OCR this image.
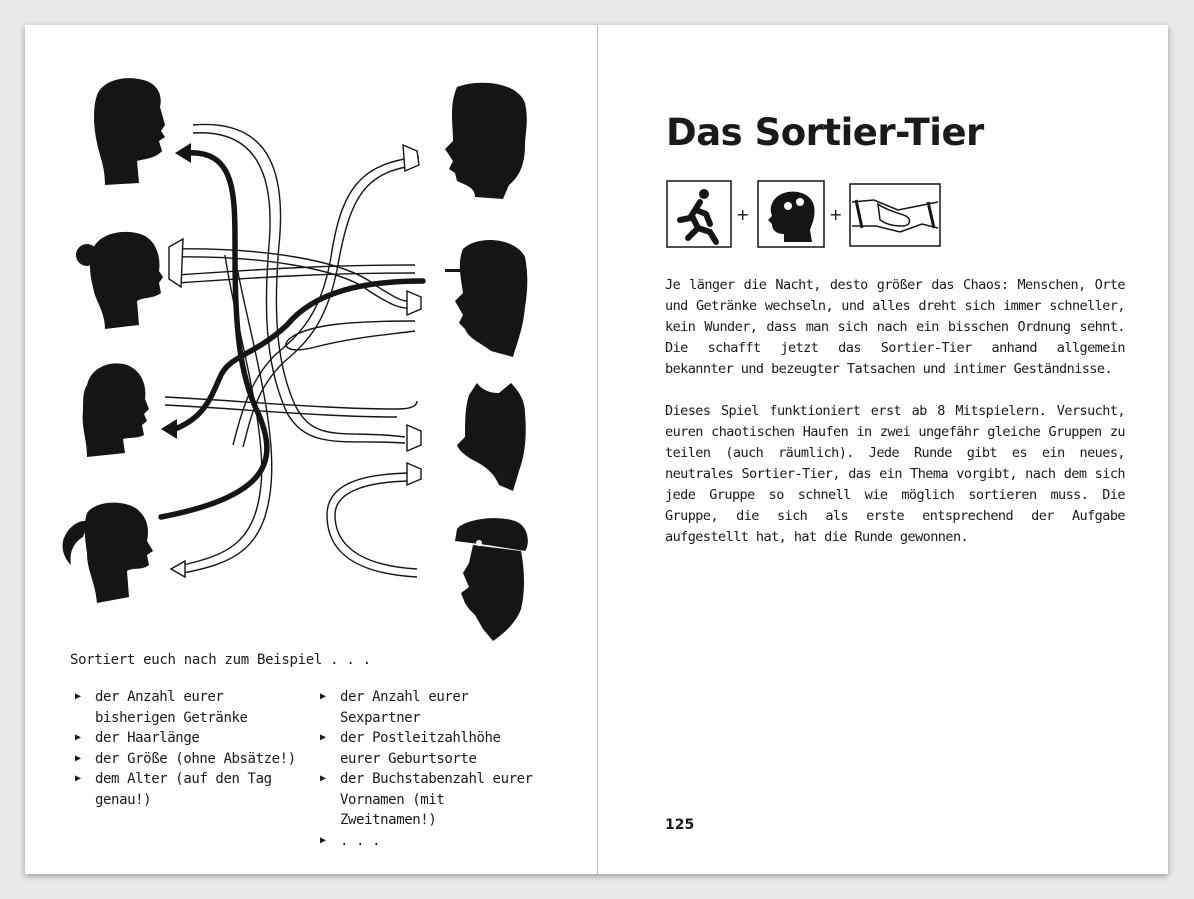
Sortiert euch nach zum Beispiel . . .

▶ der Anzahl eurer bisherigen Getränke
▶ der Haarlänge
▶ der Größe (ohne Absätze!)
▶ dem Alter (auf den Tag genau!)
▶ der Anzahl eurer Sexpartner
▶ der Postleitzahlhöhe eurer Geburtsorte
▶ der Buchstabenzahl eurer Vornamen (mit Zweitnamen!)
▶ . . .
Das Sortier-Tier
+	+

Je länger die Nacht, desto größer das Chaos: Menschen, Orte und Getränke wechseln, und alles dreht sich immer schneller, kein Wunder, dass man sich nach ein bisschen Ordnung sehnt. Die schafft jetzt das Sortier-Tier anhand allgemein bekannter und bezeugter Tatsachen und intimer Geständnisse.

Dieses Spiel funktioniert erst ab 8 Mitspielern. Versucht, euren chaotischen Haufen in zwei ungefähr gleiche Gruppen zu teilen (auch räumlich). Jede Runde gibt es ein neues, neutrales Sortier-Tier, das ein Thema vorgibt, nach dem sich jede Gruppe so schnell wie möglich sortieren muss. Die Gruppe, die sich als erste entsprechend der Aufgabe aufgestellt hat, hat die Runde gewonnen.

125
